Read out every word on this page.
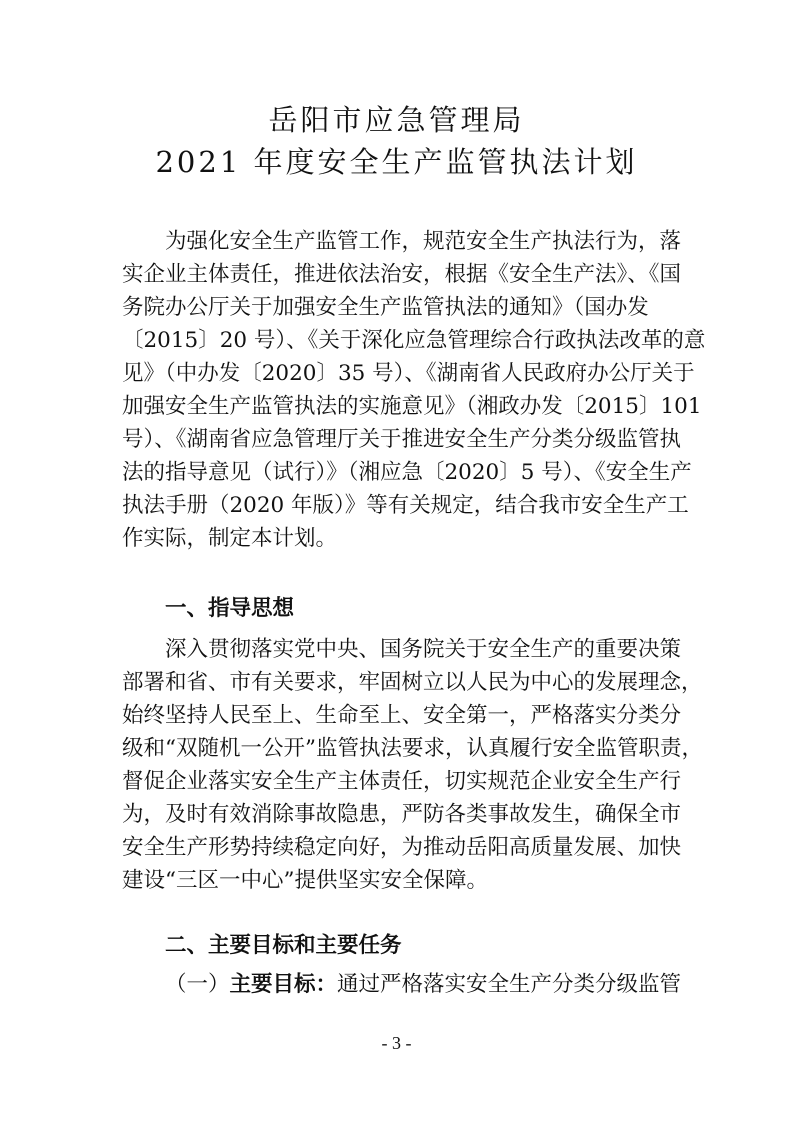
岳阳市应急管理局
2021 年度安全生产监管执法计划
为强化安全生产监管工作，规范安全生产执法行为，落
实企业主体责任，推进依法治安，根据《安全生产法》、《国
务院办公厅关于加强安全生产监管执法的通知》（国办发
〔2015〕20 号）、《关于深化应急管理综合行政执法改革的意
见》（中办发〔2020〕35 号）、《湖南省人民政府办公厅关于
加强安全生产监管执法的实施意见》（湘政办发〔2015〕101
号）、《湖南省应急管理厅关于推进安全生产分类分级监管执
法的指导意见（试行）》（湘应急〔2020〕5 号）、《安全生产
执法手册（2020 年版）》等有关规定，结合我市安全生产工
作实际，制定本计划。
一、指导思想
深入贯彻落实党中央、国务院关于安全生产的重要决策
部署和省、市有关要求，牢固树立以人民为中心的发展理念，
始终坚持人民至上、生命至上、安全第一，严格落实分类分
级和“双随机一公开”监管执法要求，认真履行安全监管职责，
督促企业落实安全生产主体责任，切实规范企业安全生产行
为，及时有效消除事故隐患，严防各类事故发生，确保全市
安全生产形势持续稳定向好，为推动岳阳高质量发展、加快
建设“三区一中心”提供坚实安全保障。
二、主要目标和主要任务
（一）主要目标：通过严格落实安全生产分类分级监管
- 3 -
